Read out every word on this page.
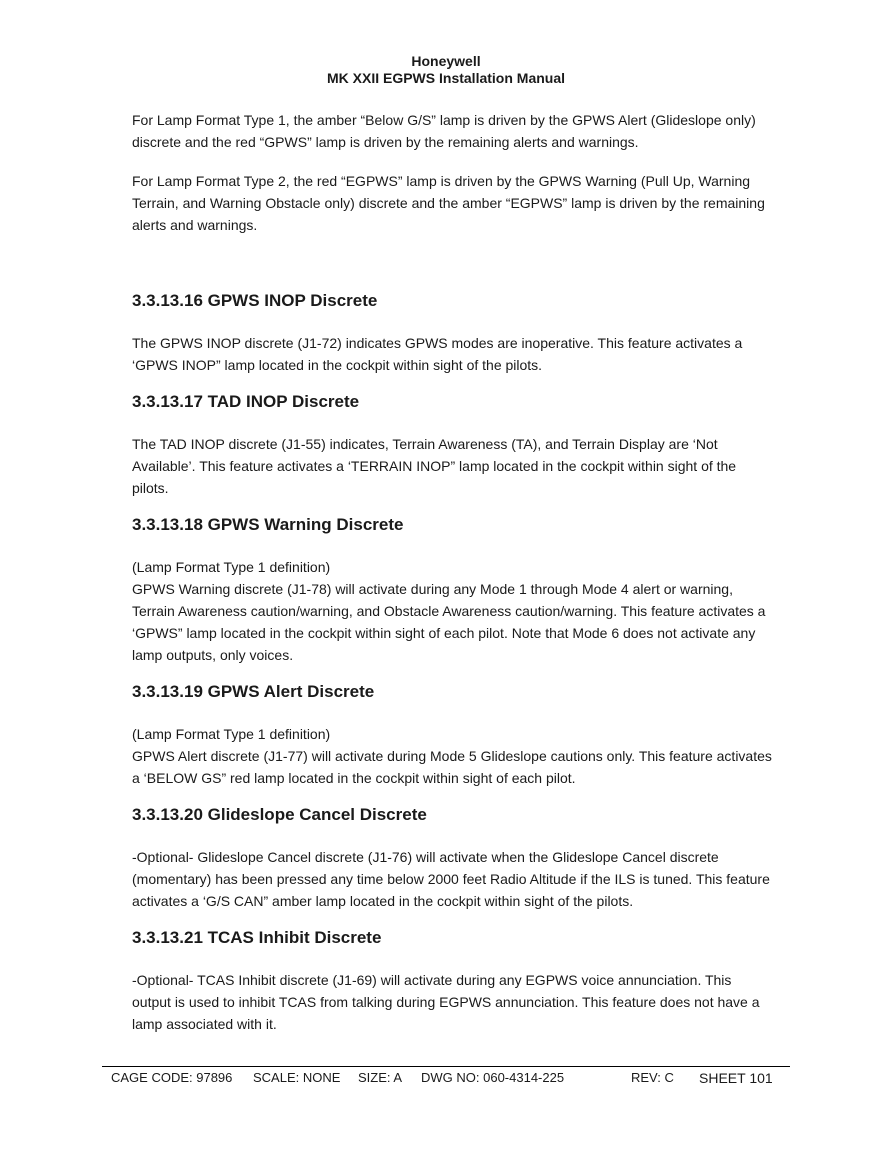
Honeywell
MK XXII EGPWS Installation Manual

For Lamp Format Type 1, the amber “Below G/S” lamp is driven by the GPWS Alert (Glideslope only) discrete and the red “GPWS” lamp is driven by the remaining alerts and warnings.

For Lamp Format Type 2, the red “EGPWS” lamp is driven by the GPWS Warning (Pull Up, Warning Terrain, and Warning Obstacle only) discrete and the amber “EGPWS” lamp is driven by the remaining alerts and warnings.

3.3.13.16 GPWS INOP Discrete

The GPWS INOP discrete (J1-72) indicates GPWS modes are inoperative. This feature activates a ‘GPWS INOP” lamp located in the cockpit within sight of the pilots.

3.3.13.17 TAD INOP Discrete

The TAD INOP discrete (J1-55) indicates, Terrain Awareness (TA), and Terrain Display are ‘Not Available’. This feature activates a ‘TERRAIN INOP” lamp located in the cockpit within sight of the pilots.

3.3.13.18 GPWS Warning Discrete

(Lamp Format Type 1 definition)

GPWS Warning discrete (J1-78) will activate during any Mode 1 through Mode 4 alert or warning, Terrain Awareness caution/warning, and Obstacle Awareness caution/warning. This feature activates a ‘GPWS” lamp located in the cockpit within sight of each pilot. Note that Mode 6 does not activate any lamp outputs, only voices.

3.3.13.19 GPWS Alert Discrete

(Lamp Format Type 1 definition)

GPWS Alert discrete (J1-77) will activate during Mode 5 Glideslope cautions only. This feature activates a ‘BELOW GS” red lamp located in the cockpit within sight of each pilot.

3.3.13.20 Glideslope Cancel Discrete

-Optional- Glideslope Cancel discrete (J1-76) will activate when the Glideslope Cancel discrete (momentary) has been pressed any time below 2000 feet Radio Altitude if the ILS is tuned. This feature activates a ‘G/S CAN” amber lamp located in the cockpit within sight of the pilots.

3.3.13.21 TCAS Inhibit Discrete

-Optional- TCAS Inhibit discrete (J1-69) will activate during any EGPWS voice annunciation. This output is used to inhibit TCAS from talking during EGPWS annunciation. This feature does not have a lamp associated with it.

CAGE CODE: 97896 SCALE: NONE SIZE: A DWG NO: 060-4314-225	REV: C SHEET 101
